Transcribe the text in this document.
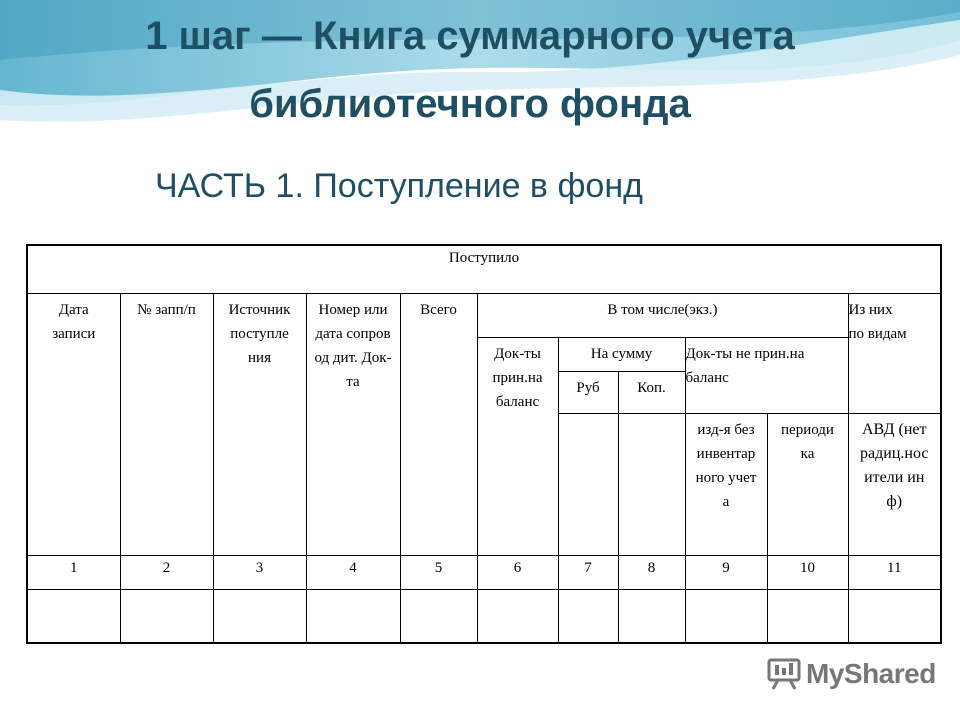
1 шаг — Книга суммарного учета
библиотечного фонда
ЧАСТЬ 1. Поступление в фонд
Поступило										

Дата записи	№ запп/п	Источник поступления	Номер или дата сопровод дит. Док-та	Всего	В том числе(экз.)					Из них по видам

					Док-ты прин.на баланс	На сумму		Док-ты не прин.на баланс		

						Руб	Коп.			

								изд-я безинвентарного учета	периодика	АВД (нетрадиц.носители инф)

1	2	3	4	5	6	7	8	9	10	11

MyShared
